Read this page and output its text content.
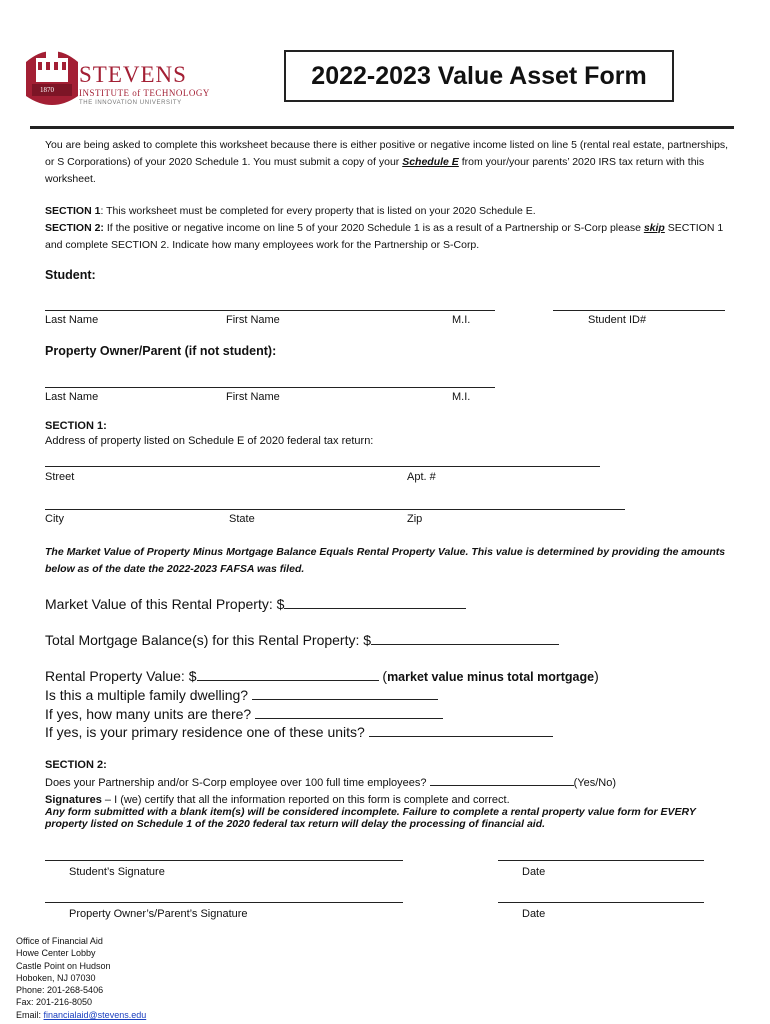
1870
STEVENS
INSTITUTE of TECHNOLOGY
THE INNOVATION UNIVERSITY
2022-2023 Value Asset Form
You are being asked to complete this worksheet because there is either positive or negative income listed on line 5 (rental real estate, partnerships, or S Corporations) of your 2020 Schedule 1. You must submit a copy of your Schedule E from your/your parents’ 2020 IRS tax return with this worksheet.
SECTION 1: This worksheet must be completed for every property that is listed on your 2020 Schedule E.
SECTION 2: If the positive or negative income on line 5 of your 2020 Schedule 1 is as a result of a Partnership or S-Corp please skip SECTION 1 and complete SECTION 2. Indicate how many employees work for the Partnership or S-Corp.
Student:
Last Name	First Name	M.I.	Student ID#
Property Owner/Parent (if not student):
Last Name	First Name	M.I.
SECTION 1:
Address of property listed on Schedule E of 2020 federal tax return:
Street	Apt. #
City	State	Zip
The Market Value of Property Minus Mortgage Balance Equals Rental Property Value. This value is determined by providing the amounts below as of the date the 2022-2023 FAFSA was filed.
Market Value of this Rental Property: $
Total Mortgage Balance(s) for this Rental Property: $
Rental Property Value: $	(market value minus total mortgage)
Is this a multiple family dwelling?
If yes, how many units are there?
If yes, is your primary residence one of these units?
SECTION 2:
Does your Partnership and/or S-Corp employee over 100 full time employees?	(Yes/No)
Signatures – I (we) certify that all the information reported on this form is complete and correct.
Any form submitted with a blank item(s) will be considered incomplete. Failure to complete a rental property value form for EVERY property listed on Schedule 1 of the 2020 federal tax return will delay the processing of financial aid.
Student’s Signature	Date
Property Owner’s/Parent’s Signature	Date
Office of Financial Aid
Howe Center Lobby
Castle Point on Hudson
Hoboken, NJ 07030
Phone: 201-268-5406
Fax: 201-216-8050
Email: financialaid@stevens.edu
